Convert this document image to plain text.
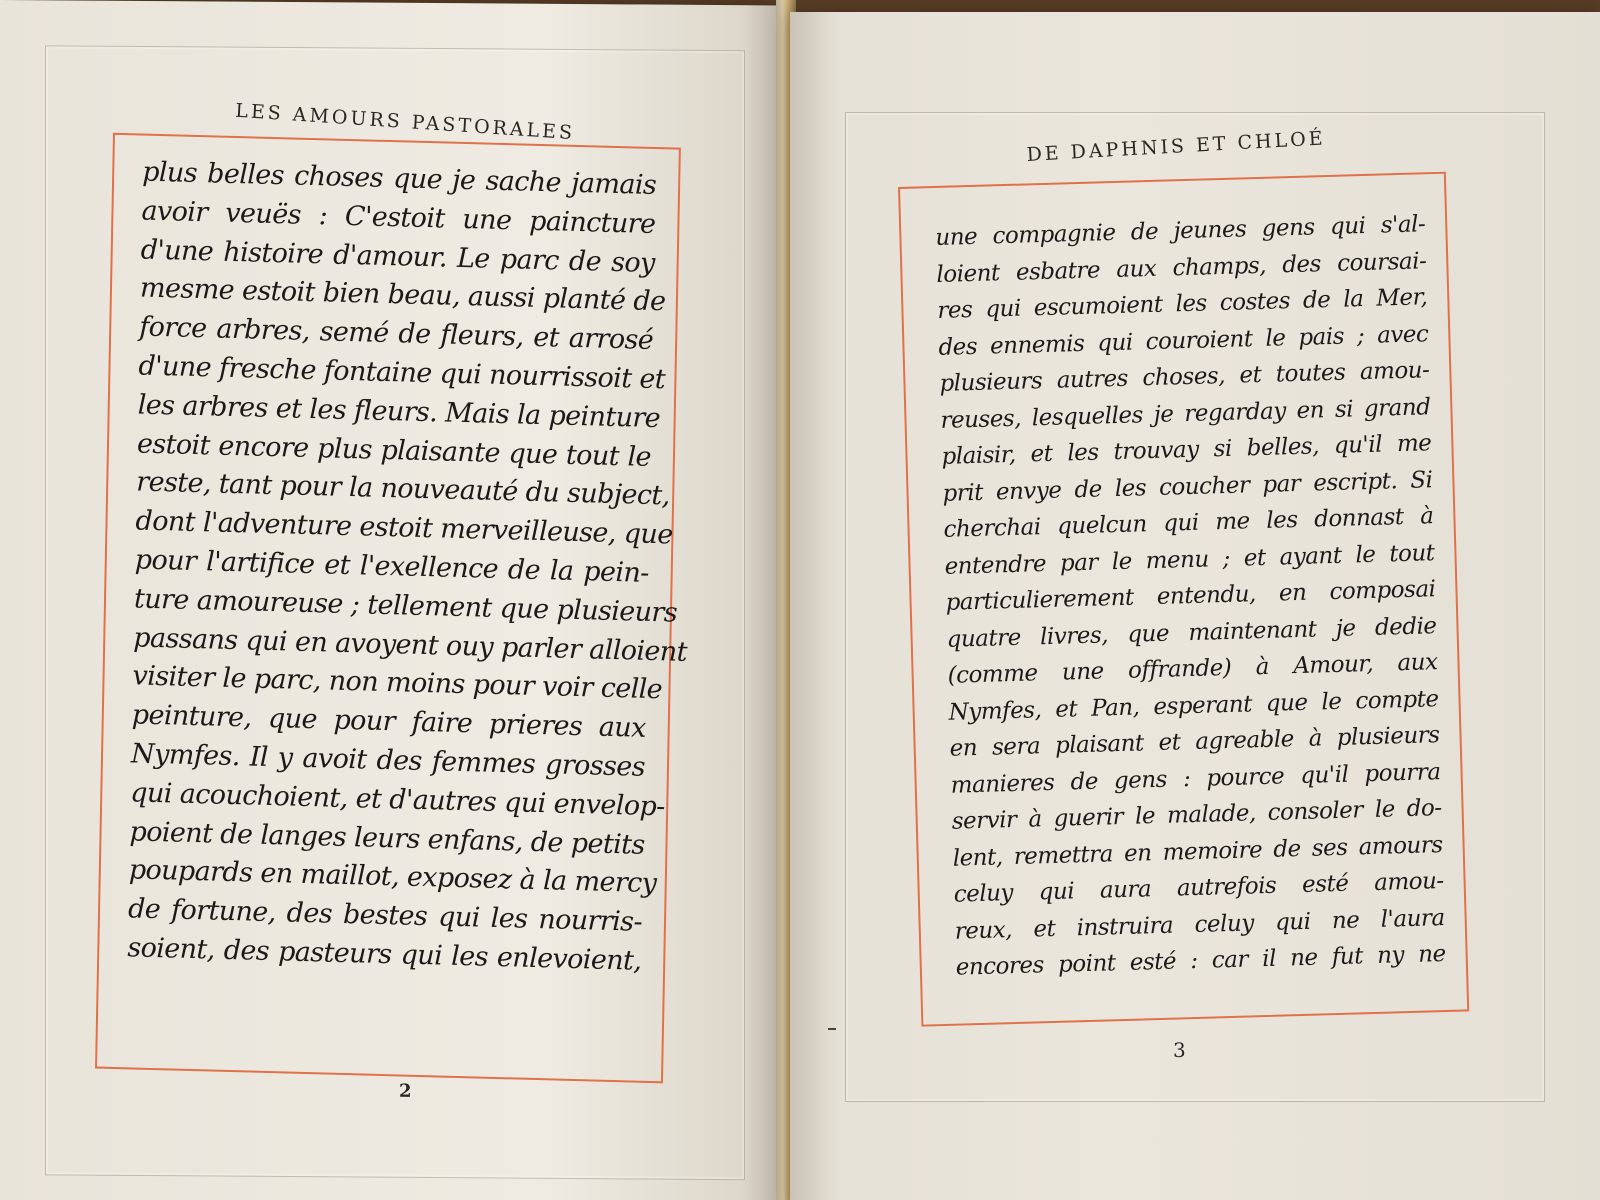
LES AMOURS PASTORALES
plus belles choses que je sache jamais
avoir veuës : C'estoit une paincture
d'une histoire d'amour. Le parc de soy
mesme estoit bien beau, aussi planté de
force arbres, semé de fleurs, et arrosé
d'une fresche fontaine qui nourrissoit et
les arbres et les fleurs. Mais la peinture
estoit encore plus plaisante que tout le
reste, tant pour la nouveauté du subject,
dont l'adventure estoit merveilleuse, que
pour l'artifice et l'exellence de la pein-
ture amoureuse ; tellement que plusieurs
passans qui en avoyent ouy parler alloient
visiter le parc, non moins pour voir celle
peinture, que pour faire prieres aux
Nymfes. Il y avoit des femmes grosses
qui acouchoient, et d'autres qui envelop-
poient de langes leurs enfans, de petits
poupards en maillot, exposez à la mercy
de fortune, des bestes qui les nourris-
soient, des pasteurs qui les enlevoient,
2
DE DAPHNIS ET CHLOÉ
une compagnie de jeunes gens qui s'al-
loient esbatre aux champs, des coursai-
res qui escumoient les costes de la Mer,
des ennemis qui couroient le pais ; avec
plusieurs autres choses, et toutes amou-
reuses, lesquelles je regarday en si grand
plaisir, et les trouvay si belles, qu'il me
prit envye de les coucher par escript. Si
cherchai quelcun qui me les donnast à
entendre par le menu ; et ayant le tout
particulierement entendu, en composai
quatre livres, que maintenant je dedie
(comme une offrande) à Amour, aux
Nymfes, et Pan, esperant que le compte
en sera plaisant et agreable à plusieurs
manieres de gens : pource qu'il pourra
servir à guerir le malade, consoler le do-
lent, remettra en memoire de ses amours
celuy qui aura autrefois esté amou-
reux, et instruira celuy qui ne l'aura
encores point esté : car il ne fut ny ne
3
